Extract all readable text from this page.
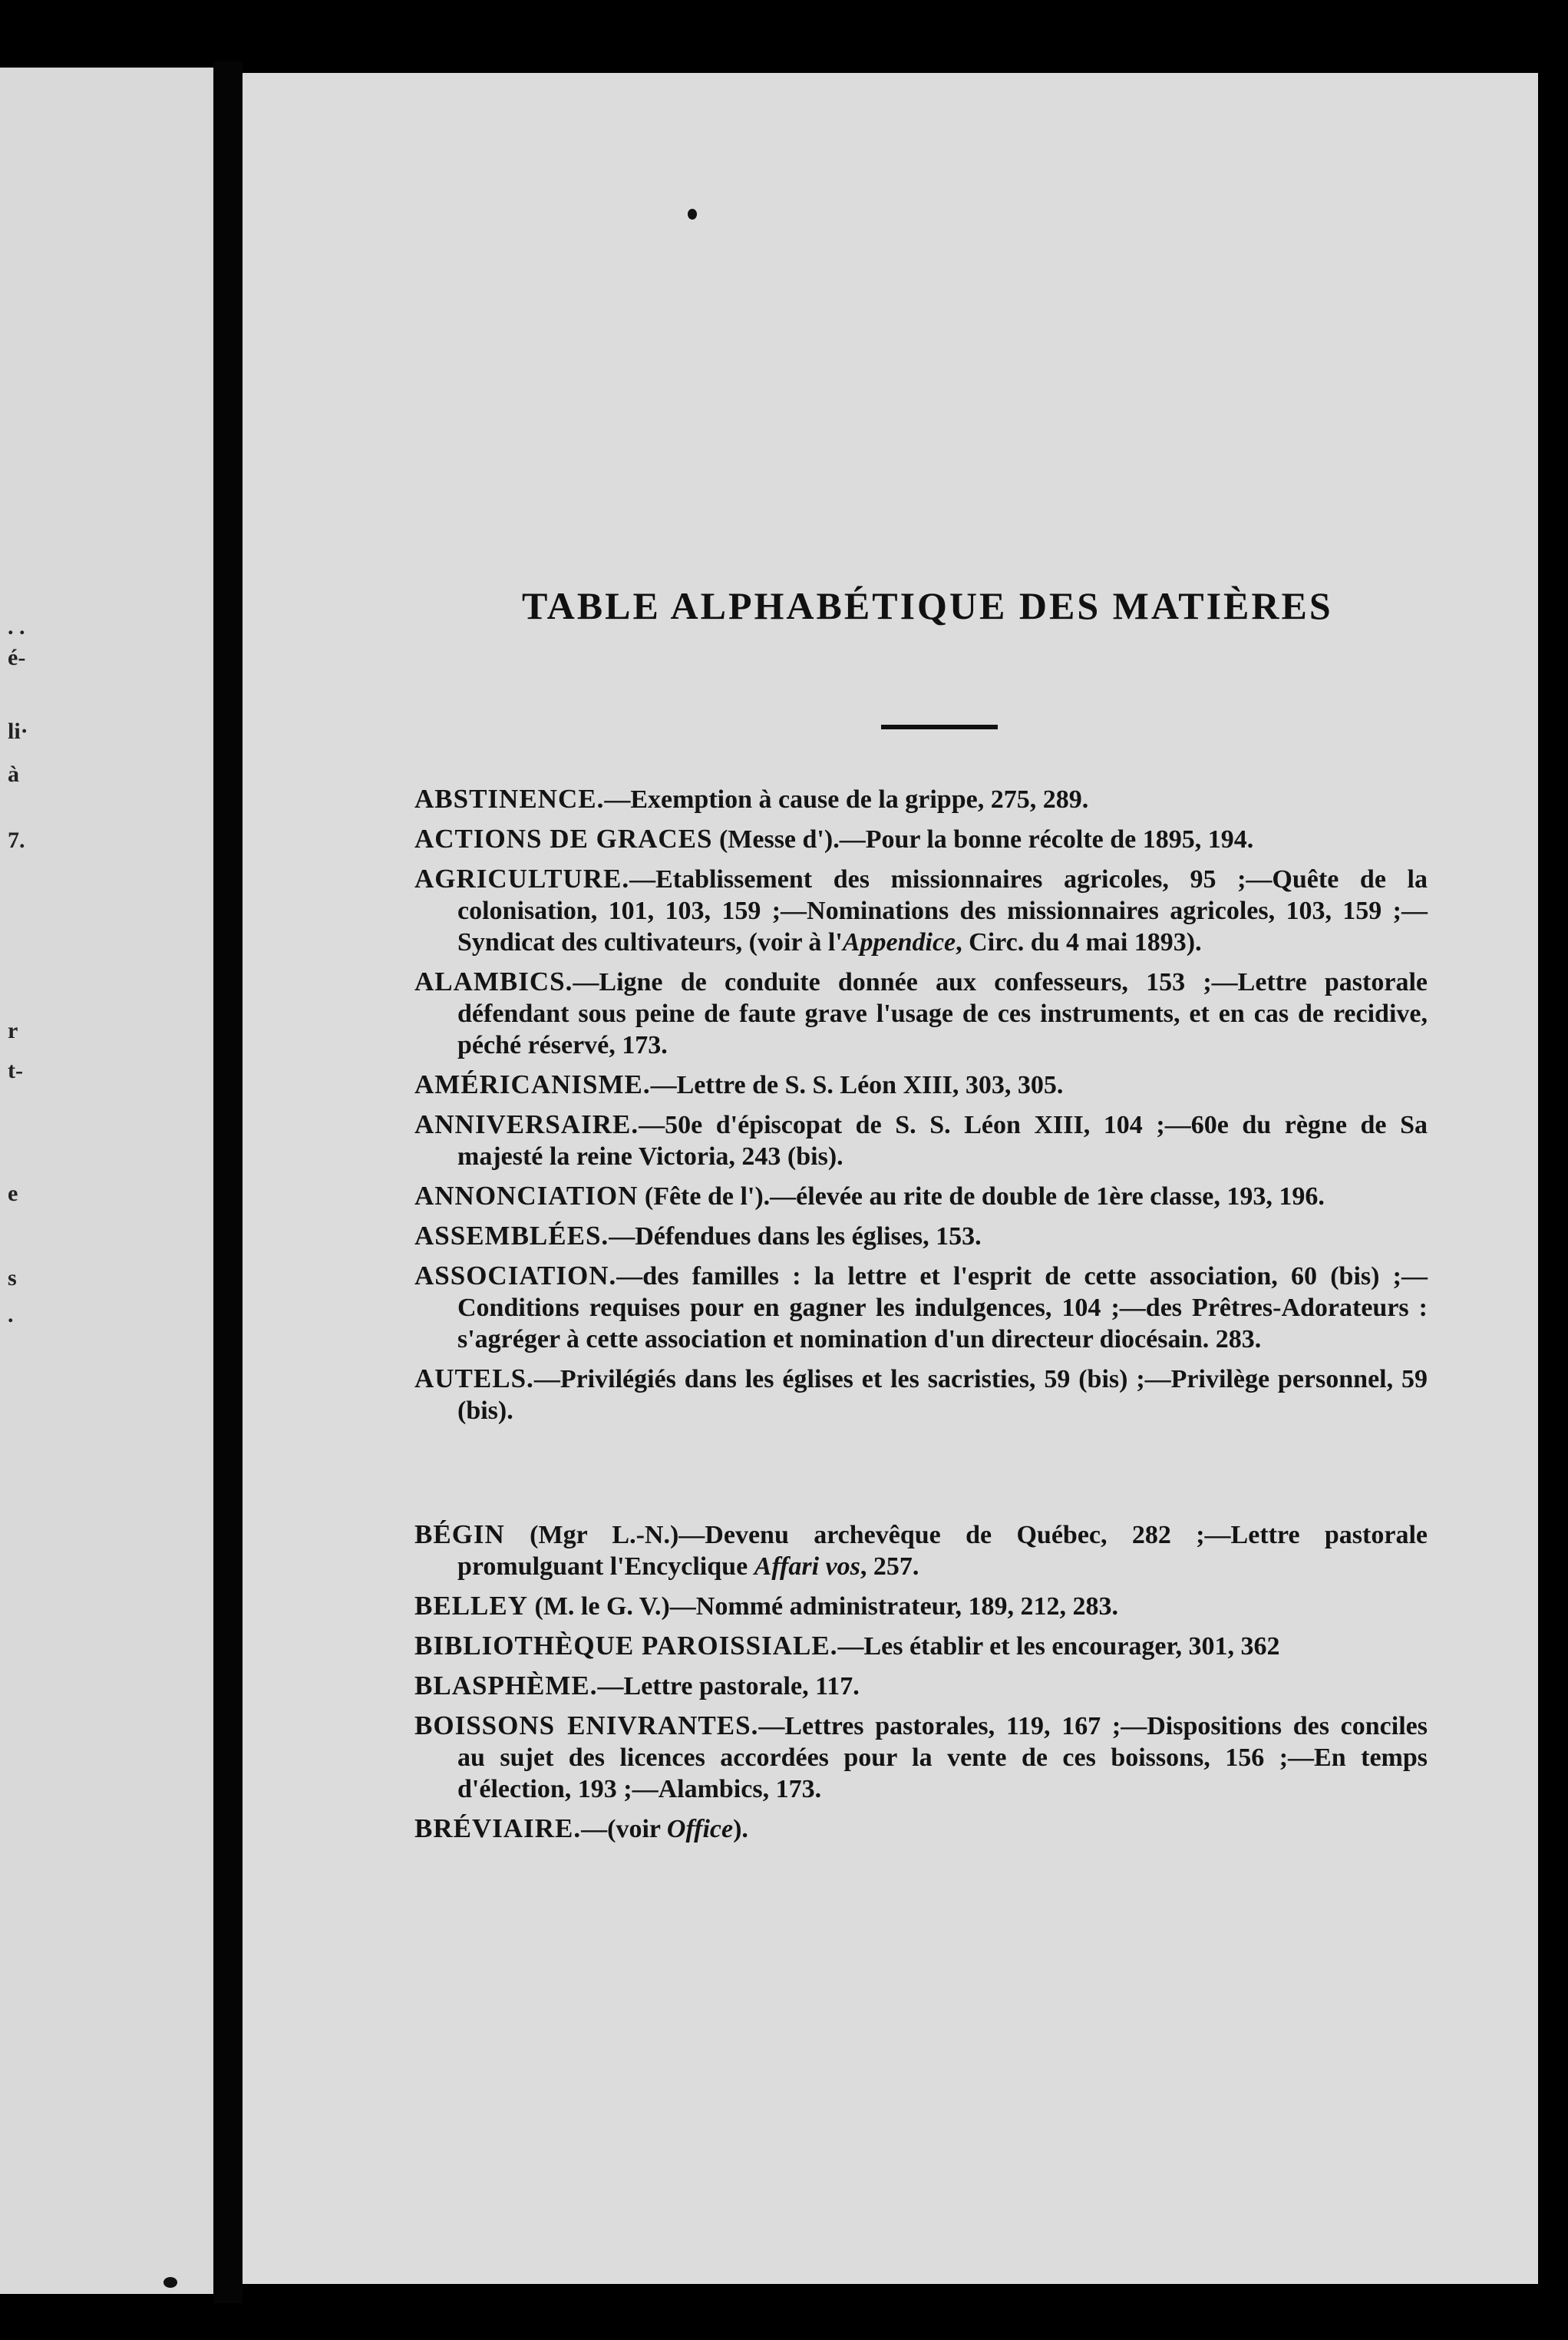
. .
é-
li·
à
7.
r
t-
e
s
.
TABLE ALPHABÉTIQUE DES MATIÈRES
ABSTINENCE.—Exemption à cause de la grippe, 275, 289.
ACTIONS DE GRACES (Messe d').—Pour la bonne récolte de 1895, 194.
AGRICULTURE.—Etablissement des missionnaires agricoles, 95 ;—Quête de la colonisation, 101, 103, 159 ;—Nominations des missionnaires agricoles, 103, 159 ;—Syndicat des cultivateurs, (voir à l'Appendice, Circ. du 4 mai 1893).
ALAMBICS.—Ligne de conduite donnée aux confesseurs, 153 ;—Lettre pastorale défendant sous peine de faute grave l'usage de ces instruments, et en cas de recidive, péché réservé, 173.
AMÉRICANISME.—Lettre de S. S. Léon XIII, 303, 305.
ANNIVERSAIRE.—50e d'épiscopat de S. S. Léon XIII, 104 ;—60e du règne de Sa majesté la reine Victoria, 243 (bis).
ANNONCIATION (Fête de l').—élevée au rite de double de 1ère classe, 193, 196.
ASSEMBLÉES.—Défendues dans les églises, 153.
ASSOCIATION.—des familles : la lettre et l'esprit de cette association, 60 (bis) ;—Conditions requises pour en gagner les indulgences, 104 ;—des Prêtres-Adorateurs : s'agréger à cette association et nomination d'un directeur diocésain. 283.
AUTELS.—Privilégiés dans les églises et les sacristies, 59 (bis) ;—Privilège personnel, 59 (bis).
BÉGIN (Mgr L.-N.)—Devenu archevêque de Québec, 282 ;—Lettre pastorale promulguant l'Encyclique Affari vos, 257.
BELLEY (M. le G. V.)—Nommé administrateur, 189, 212, 283.
BIBLIOTHÈQUE PAROISSIALE.—Les établir et les encourager, 301, 362
BLASPHÈME.—Lettre pastorale, 117.
BOISSONS ENIVRANTES.—Lettres pastorales, 119, 167 ;—Dispositions des conciles au sujet des licences accordées pour la vente de ces boissons, 156 ;—En temps d'élection, 193 ;—Alambics, 173.
BRÉVIAIRE.—(voir Office).
